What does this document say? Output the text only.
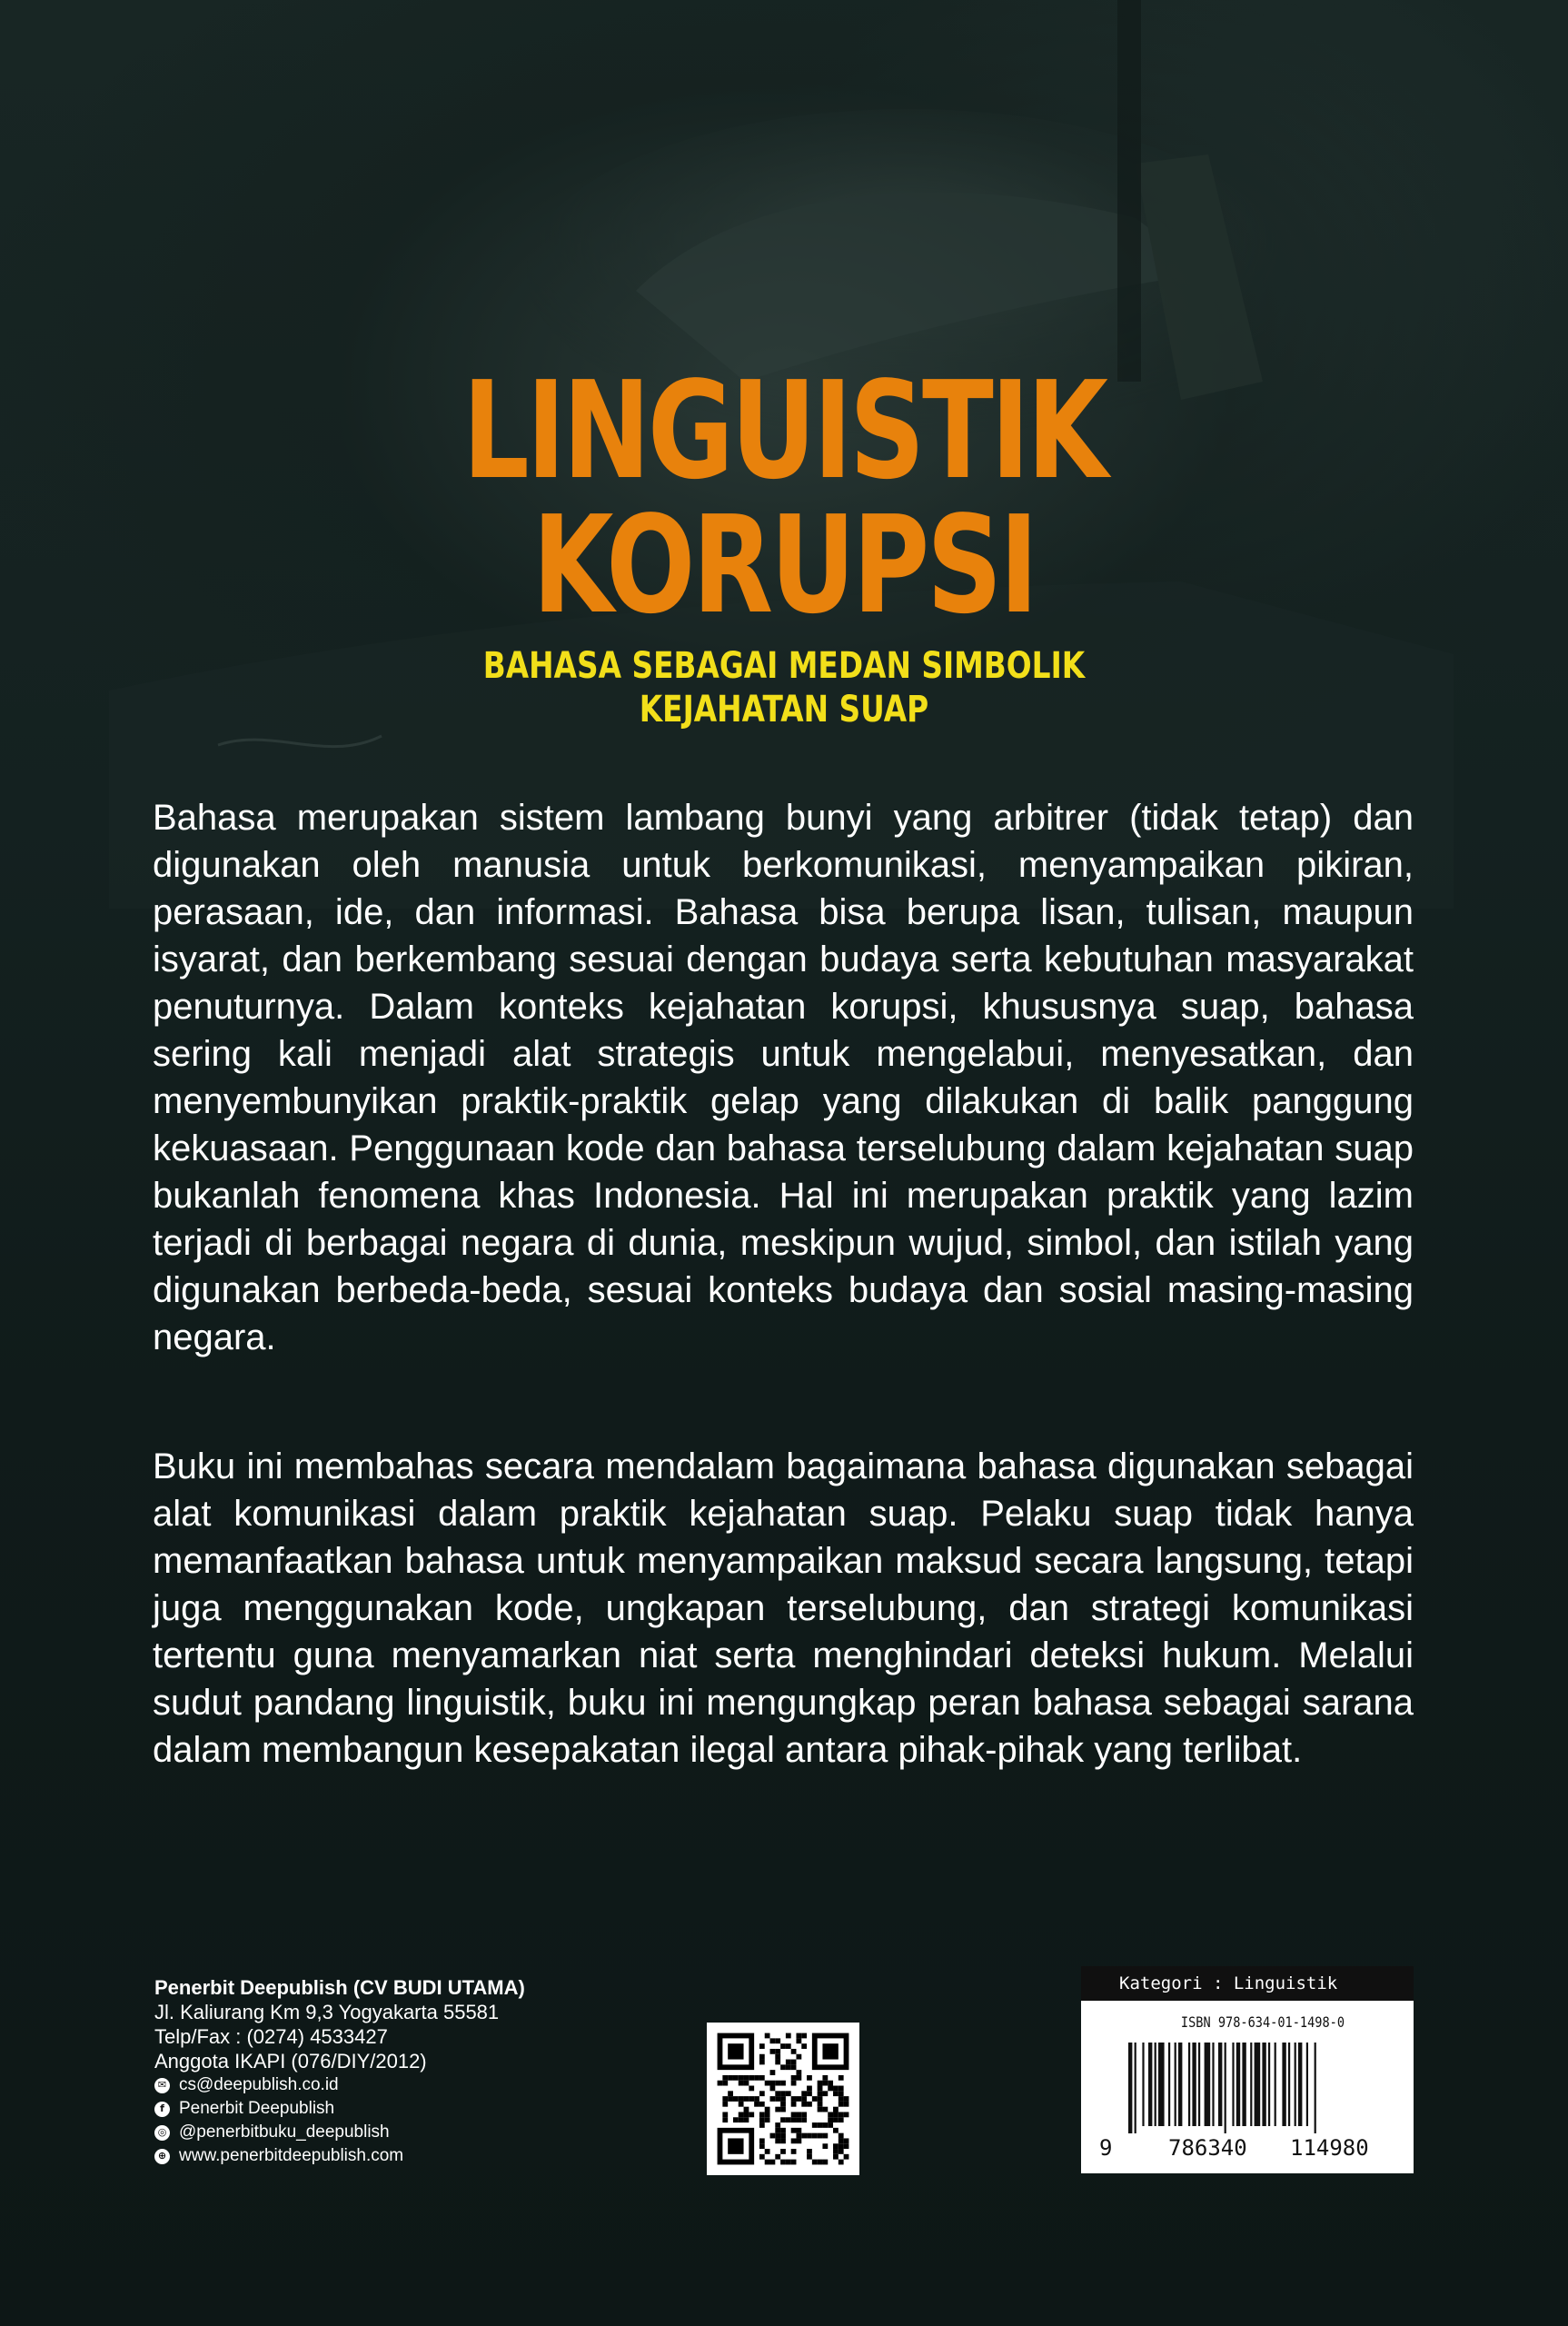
LINGUISTIK
KORUPSI
BAHASA SEBAGAI MEDAN SIMBOLIK
KEJAHATAN SUAP

Bahasa merupakan sistem lambang bunyi yang arbitrer (tidak tetap) dan digunakan oleh manusia untuk berkomunikasi, menyampaikan pikiran, perasaan, ide, dan informasi. Bahasa bisa berupa lisan, tulisan, maupun isyarat, dan berkembang sesuai dengan budaya serta kebutuhan masyarakat penuturnya. Dalam konteks kejahatan korupsi, khususnya suap, bahasa sering kali menjadi alat strategis untuk mengelabui, menyesatkan, dan menyembunyikan praktik-praktik gelap yang dilakukan di balik panggung kekuasaan. Penggunaan kode dan bahasa terselubung dalam kejahatan suap bukanlah fenomena khas Indonesia. Hal ini merupakan praktik yang lazim terjadi di berbagai negara di dunia, meskipun wujud, simbol, dan istilah yang digunakan berbeda-beda, sesuai konteks budaya dan sosial masing-masing negara.

Buku ini membahas secara mendalam bagaimana bahasa digunakan sebagai alat komunikasi dalam praktik kejahatan suap. Pelaku suap tidak hanya memanfaatkan bahasa untuk menyampaikan maksud secara langsung, tetapi juga menggunakan kode, ungkapan terselubung, dan strategi komunikasi tertentu guna menyamarkan niat serta menghindari deteksi hukum. Melalui sudut pandang linguistik, buku ini mengungkap peran bahasa sebagai sarana dalam membangun kesepakatan ilegal antara pihak-pihak yang terlibat.

Penerbit Deepublish (CV BUDI UTAMA)
Jl. Kaliurang Km 9,3 Yogyakarta 55581
Telp/Fax : (0274) 4533427
Anggota IKAPI (076/DIY/2012)
✉ cs@deepublish.co.id
f Penerbit Deepublish
◎ @penerbitbuku_deepublish
⊕ www.penerbitdeepublish.com
Kategori : Linguistik
ISBN 978-634-01-1498-0
9	786340 114980
